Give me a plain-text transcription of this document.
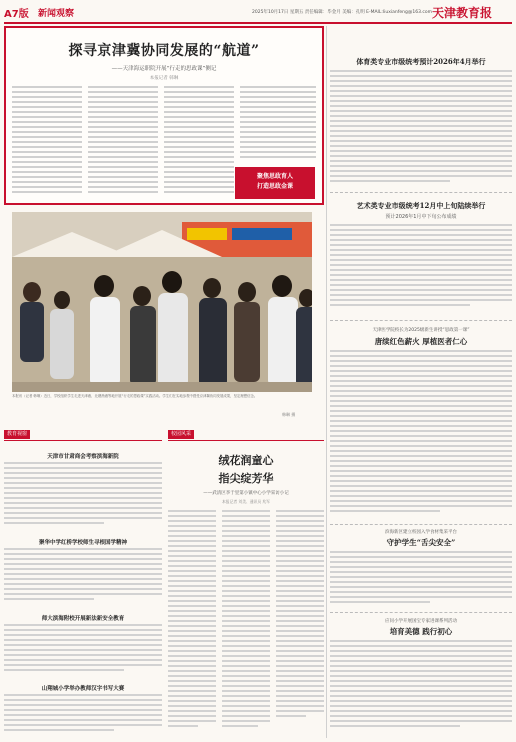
A7版 新闻观察	2025年10月17日 星期五 责任编辑：毕金月 美编：孔明 E-MAIL:liuxianfeng@163.com 天津教育报
探寻京津冀协同发展的“航道”
——天津海运职院开展“行走的思政课”侧记
本报记者 韩琳
聚焦思政育人
打造思政金课
本报讯（记者 韩琳）近日，学校组织学生走进天津港、北塘渔港等地开展“行走的思政课”实践活动。学生们在实地参观中感受京津冀协同发展成果，坚定理想信念。
韩琳 摄
体育类专业市级统考預计2026年4月举行
艺术类专业市级统考12月中上旬陆续举行
预计2026年1月中下旬公布成绩
天津医学院校长为2025级新生讲授“思政第一课”
唐续红色薪火 厚植医者仁心
滨海新区建立校园入学食材集采平台
守护学生“舌尖安全”
应问小学开展国宝专家进课系列活动
培育美德 践行初心
教育视窗
天津市甘肃商会考察滨海新院
聚华中学红桥学校师生寻根国学精神
师大滨海附校开展新法新安全教育
山翔城小学举办教师汉字书写大赛
校园风采
绒花润童心
指尖绽芳华
——武清区李于里第小镇中心小学采访小记
本报记者 刘美、通讯员 兆军
